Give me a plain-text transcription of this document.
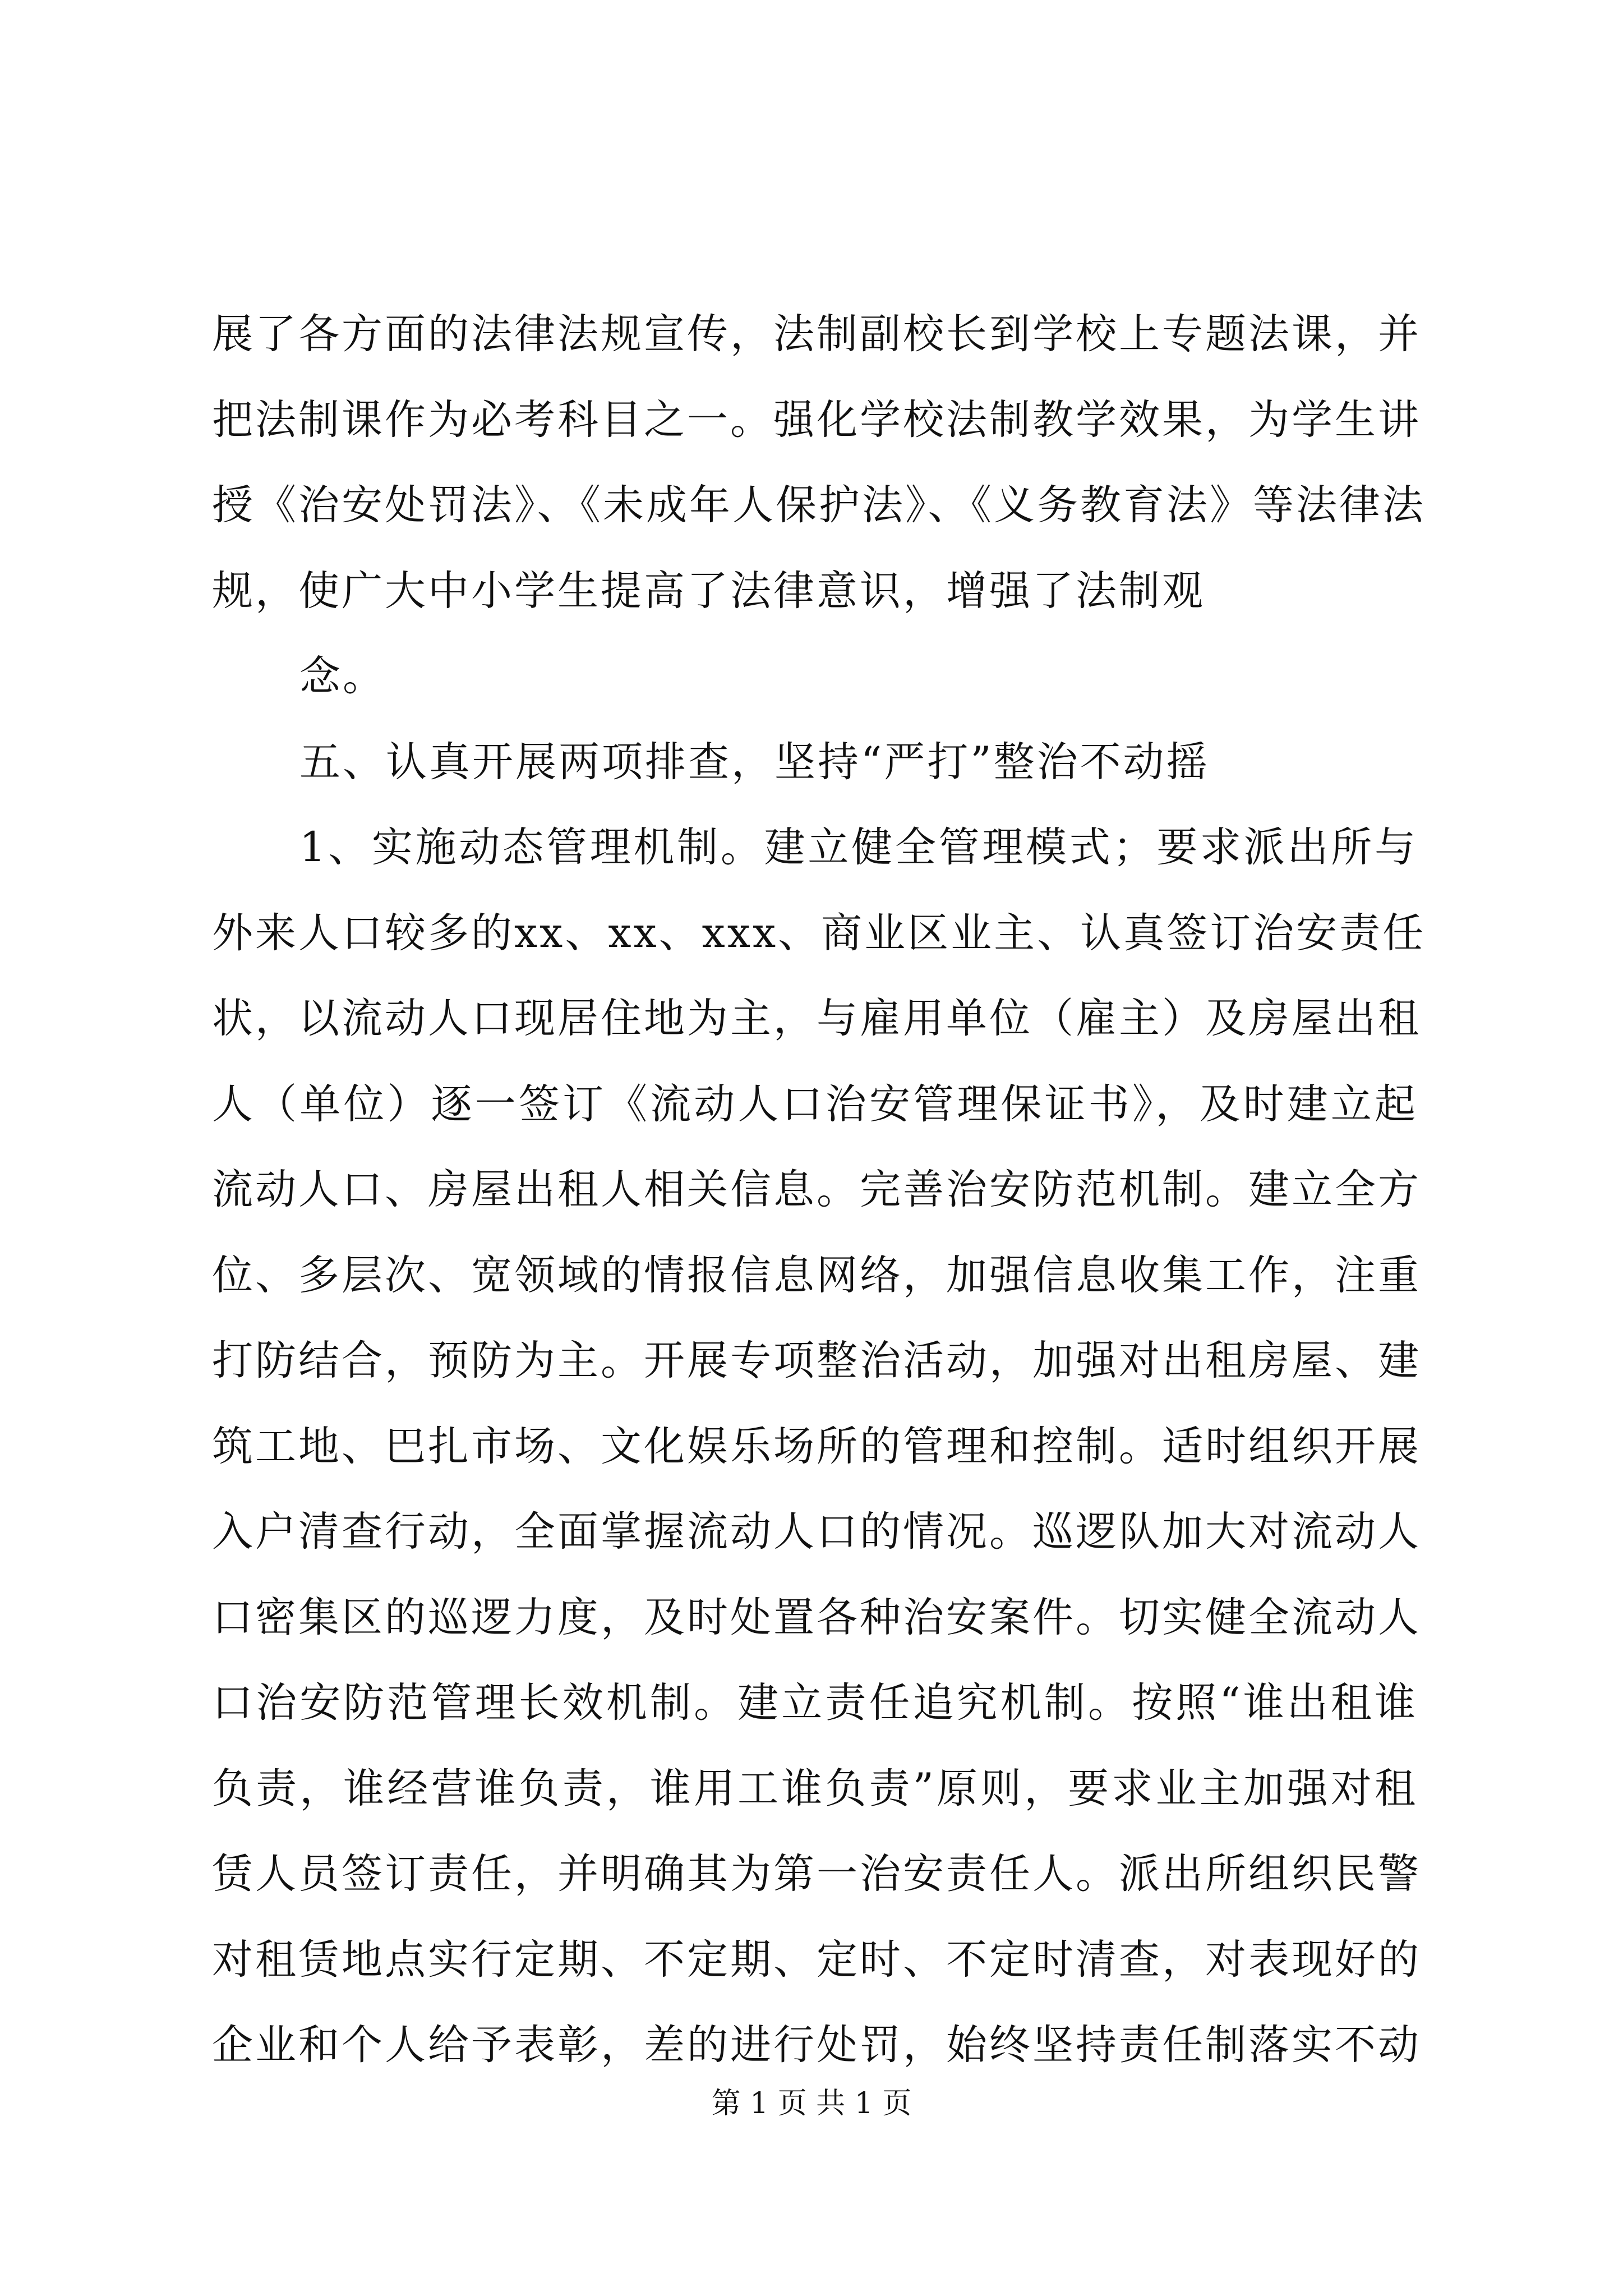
展了各方面的法律法规宣传，法制副校长到学校上专题法课，并
把法制课作为必考科目之一。强化学校法制教学效果，为学生讲
授《治安处罚法》、《未成年人保护法》、《义务教育法》等法律法
规，使广大中小学生提高了法律意识，增强了法制观
念。
五、认真开展两项排查，坚持“严打”整治不动摇
1、实施动态管理机制。建立健全管理模式；要求派出所与
外来人口较多的xx、xx、xxx、商业区业主、认真签订治安责任
状，以流动人口现居住地为主，与雇用单位（雇主）及房屋出租
人（单位）逐一签订《流动人口治安管理保证书》，及时建立起
流动人口、房屋出租人相关信息。完善治安防范机制。建立全方
位、多层次、宽领域的情报信息网络，加强信息收集工作，注重
打防结合，预防为主。开展专项整治活动，加强对出租房屋、建
筑工地、巴扎市场、文化娱乐场所的管理和控制。适时组织开展
入户清查行动，全面掌握流动人口的情况。巡逻队加大对流动人
口密集区的巡逻力度，及时处置各种治安案件。切实健全流动人
口治安防范管理长效机制。建立责任追究机制。按照“谁出租谁
负责，谁经营谁负责，谁用工谁负责”原则，要求业主加强对租
赁人员签订责任，并明确其为第一治安责任人。派出所组织民警
对租赁地点实行定期、不定期、定时、不定时清查，对表现好的
企业和个人给予表彰，差的进行处罚，始终坚持责任制落实不动
第 1 页 共 1 页
